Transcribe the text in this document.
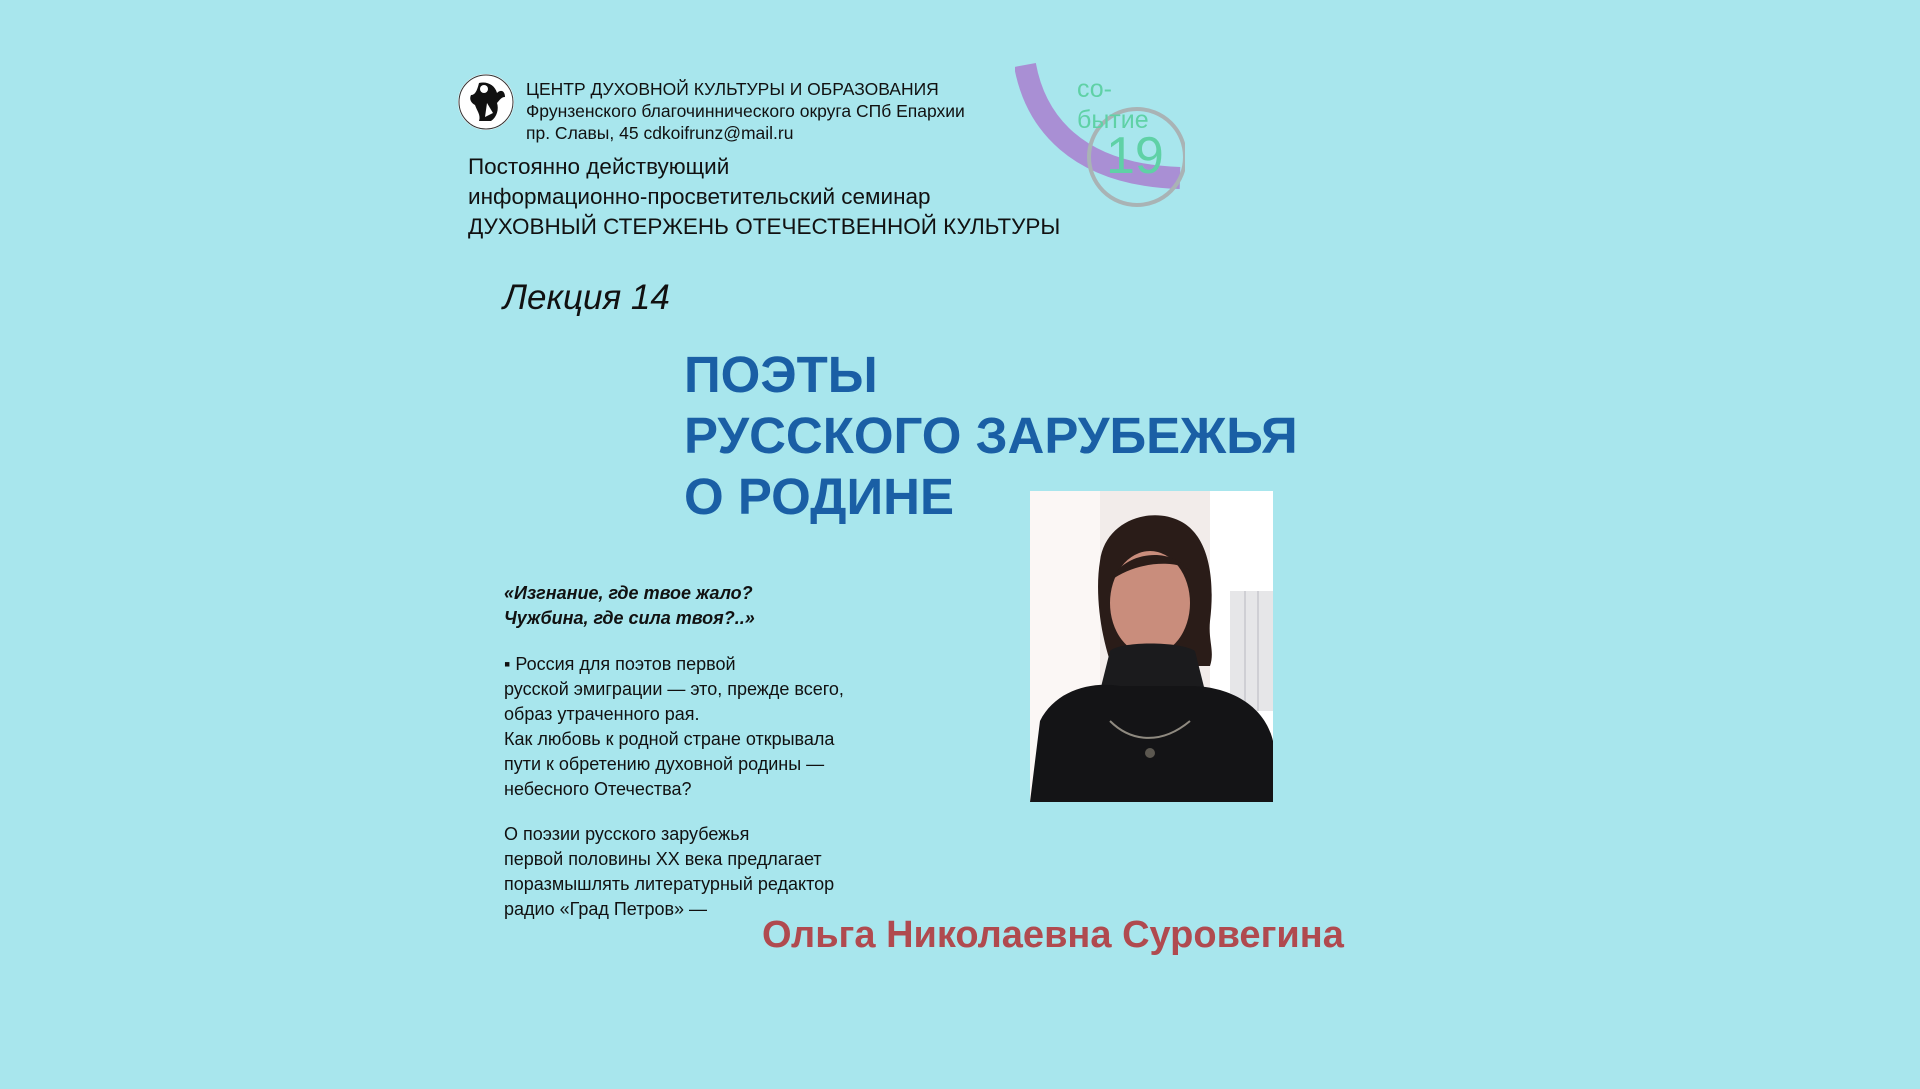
ЦЕНТР ДУХОВНОЙ КУЛЬТУРЫ И ОБРАЗОВАНИЯ
Фрунзенского благочиннического округа СПб Епархии
пр. Славы, 45 cdkoifrunz@mail.ru
Постоянно действующий
информационно-просветительский семинар
ДУХОВНЫЙ СТЕРЖЕНЬ ОТЕЧЕСТВЕННОЙ КУЛЬТУРЫ
со-
бытие
19
Лекция 14
ПОЭТЫ
РУССКОГО ЗАРУБЕЖЬЯ
О РОДИНЕ
«Изгнание, где твое жало?
Чужбина, где сила твоя?..»
▪ Россия для поэтов первой
русской эмиграции — это, прежде всего,
образ утраченного рая.
Как любовь к родной стране открывала
пути к обретению духовной родины —
небесного Отечества?
О поэзии русского зарубежья
первой половины XX века предлагает
поразмышлять литературный редактор
радио «Град Петров» —
Ольга Николаевна Суровегина
